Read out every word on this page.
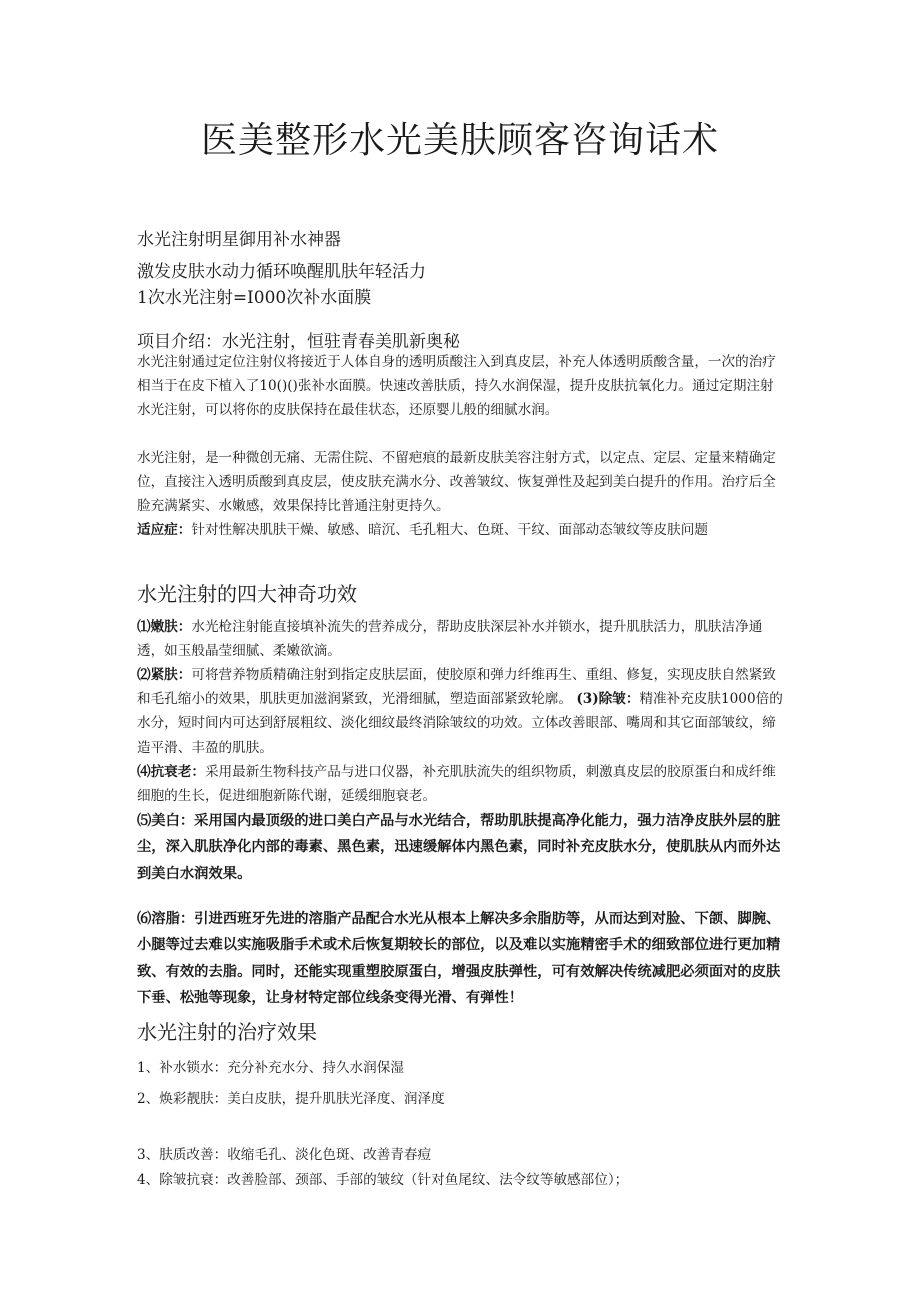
医美整形水光美肤顾客咨询话术
水光注射明星御用补水神器
激发皮肤水动力循环唤醒肌肤年轻活力
1次水光注射=I000次补水面膜
项目介绍：水光注射，恒驻青春美肌新奥秘
水光注射通过定位注射仪将接近于人体自身的透明质酸注入到真皮层，补充人体透明质酸含量，一次的治疗相当于在皮下植入了10()()张补水面膜。快速改善肤质，持久水润保湿，提升皮肤抗氧化力。通过定期注射水光注射，可以将你的皮肤保持在最佳状态，还原婴儿般的细腻水润。
水光注射，是一种微创无痛、无需住院、不留疤痕的最新皮肤美容注射方式，以定点、定层、定量来精确定位，直接注入透明质酸到真皮层，使皮肤充满水分、改善皱纹、恢复弹性及起到美白提升的作用。治疗后全脸充满紧实、水嫩感，效果保持比普通注射更持久。
适应症：针对性解决肌肤干燥、敏感、暗沉、毛孔粗大、色斑、干纹、面部动态皱纹等皮肤问题
水光注射的四大神奇功效
⑴嫩肤：水光枪注射能直接填补流失的营养成分，帮助皮肤深层补水并锁水，提升肌肤活力，肌肤洁净通透，如玉般晶莹细腻、柔嫩欲滴。
⑵紧肤：可将营养物质精确注射到指定皮肤层面，使胶原和弹力纤维再生、重组、修复，实现皮肤自然紧致和毛孔缩小的效果，肌肤更加滋润紧致，光滑细腻，塑造面部紧致轮廓。 (3)除皱：精准补充皮肤1000倍的水分，短时间内可达到舒展粗纹、淡化细纹最终消除皱纹的功效。立体改善眼部、嘴周和其它面部皱纹，缔造平滑、丰盈的肌肤。
⑷抗衰老：采用最新生物科技产品与进口仪器，补充肌肤流失的组织物质，刺激真皮层的胶原蛋白和成纤维细胞的生长，促进细胞新陈代谢，延缓细胞衰老。
⑸美白：采用国内最顶级的进口美白产品与水光结合，帮助肌肤提高净化能力，强力洁净皮肤外层的脏尘，深入肌肤净化内部的毒素、黑色素，迅速缓解体内黑色素，同时补充皮肤水分，使肌肤从内而外达到美白水润效果。
⑹溶脂：引进西班牙先进的溶脂产品配合水光从根本上解决多余脂肪等，从而达到对脸、下颌、脚腕、小腿等过去难以实施吸脂手术或术后恢复期较长的部位，以及难以实施精密手术的细致部位进行更加精致、有效的去脂。同时，还能实现重塑胶原蛋白，增强皮肤弹性，可有效解决传统减肥必须面对的皮肤下垂、松弛等现象，让身材特定部位线条变得光滑、有弹性！
水光注射的治疗效果
1、补水锁水：充分补充水分、持久水润保湿
2、焕彩靓肤：美白皮肤，提升肌肤光泽度、润泽度
3、肤质改善：收缩毛孔、淡化色斑、改善青春痘
4、除皱抗衰：改善脸部、颈部、手部的皱纹（针对鱼尾纹、法令纹等敏感部位）；
